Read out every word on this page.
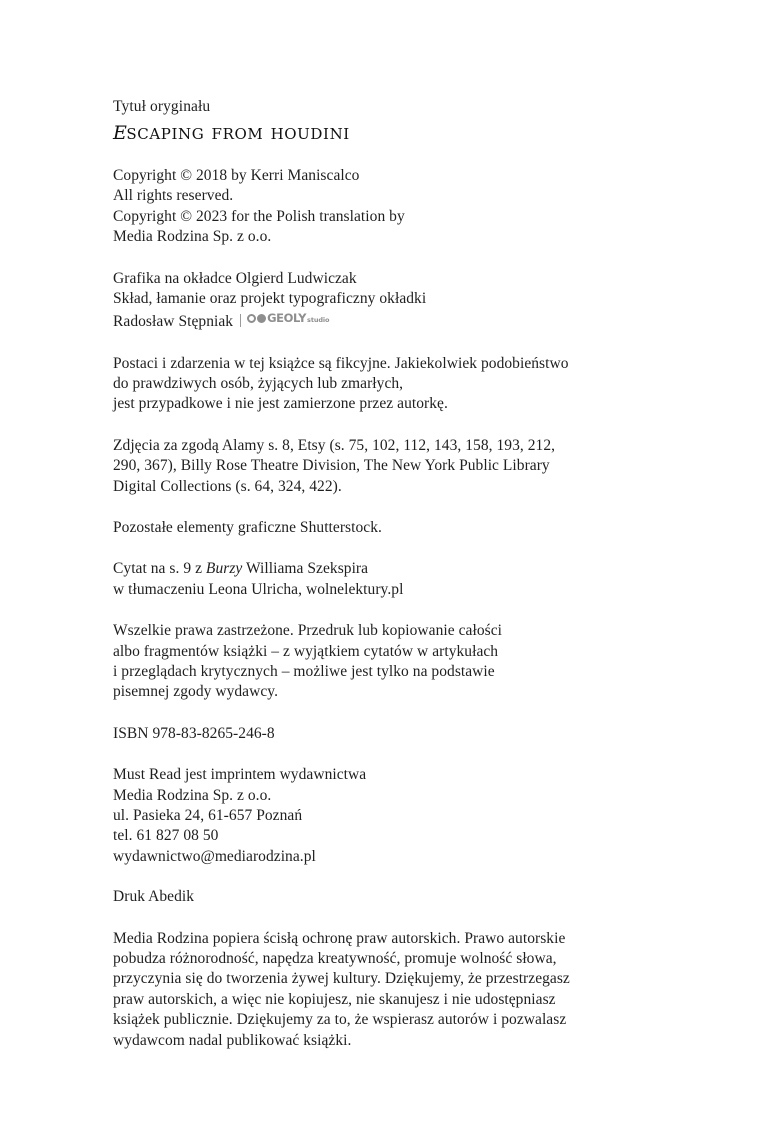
Tytuł oryginału
escaping from houdini
Copyright © 2018 by Kerri Maniscalco
All rights reserved.
Copyright © 2023 for the Polish translation by
Media Rodzina Sp. z o.o.
Grafika na okładce Olgierd Ludwiczak
Skład, łamanie oraz projekt typograficzny okładki
Radosław Stępniak	GEOLY studio
Postaci i zdarzenia w tej książce są fikcyjne. Jakiekolwiek podobieństwo
do prawdziwych osób, żyjących lub zmarłych,
jest przypadkowe i nie jest zamierzone przez autorkę.
Zdjęcia za zgodą Alamy s. 8, Etsy (s. 75, 102, 112, 143, 158, 193, 212,
290, 367), Billy Rose Theatre Division, The New York Public Library
Digital Collections (s. 64, 324, 422).
Pozostałe elementy graficzne Shutterstock.
Cytat na s. 9 z Burzy Williama Szekspira
w tłumaczeniu Leona Ulricha, wolnelektury.pl
Wszelkie prawa zastrzeżone. Przedruk lub kopiowanie całości
albo fragmentów książki – z wyjątkiem cytatów w artykułach
i przeglądach krytycznych – możliwe jest tylko na podstawie
pisemnej zgody wydawcy.
ISBN 978-83-8265-246-8
Must Read jest imprintem wydawnictwa
Media Rodzina Sp. z o.o.
ul. Pasieka 24, 61-657 Poznań
tel. 61 827 08 50
wydawnictwo@mediarodzina.pl
Druk Abedik
Media Rodzina popiera ścisłą ochronę praw autorskich. Prawo autorskie
pobudza różnorodność, napędza kreatywność, promuje wolność słowa,
przyczynia się do tworzenia żywej kultury. Dziękujemy, że przestrzegasz
praw autorskich, a więc nie kopiujesz, nie skanujesz i nie udostępniasz
książek publicznie. Dziękujemy za to, że wspierasz autorów i pozwalasz
wydawcom nadal publikować książki.
